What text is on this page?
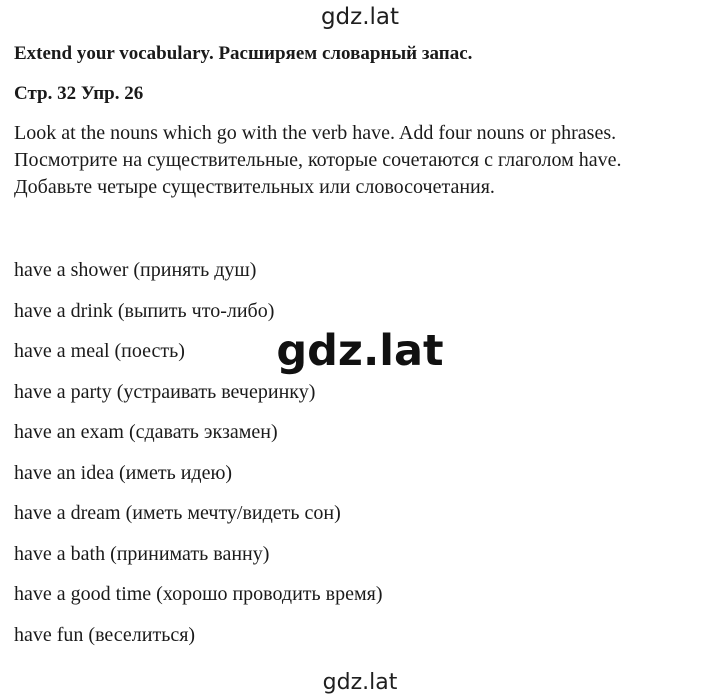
gdz.lat
Extend your vocabulary. Расширяем словарный запас.
Стр. 32 Упр. 26
Look at the nouns which go with the verb have. Add four nouns or phrases.
Посмотрите на существительные, которые сочетаются с глаголом have.
Добавьте четыре существительных или словосочетания.
have a shower (принять душ)
have a drink (выпить что-либо)
have a meal (поесть)
have a party (устраивать вечеринку)
have an exam (сдавать экзамен)
have an idea (иметь идею)
have a dream (иметь мечту/видеть сон)
have a bath (принимать ванну)
have a good time (хорошо проводить время)
have fun (веселиться)
gdz.lat
gdz.lat
